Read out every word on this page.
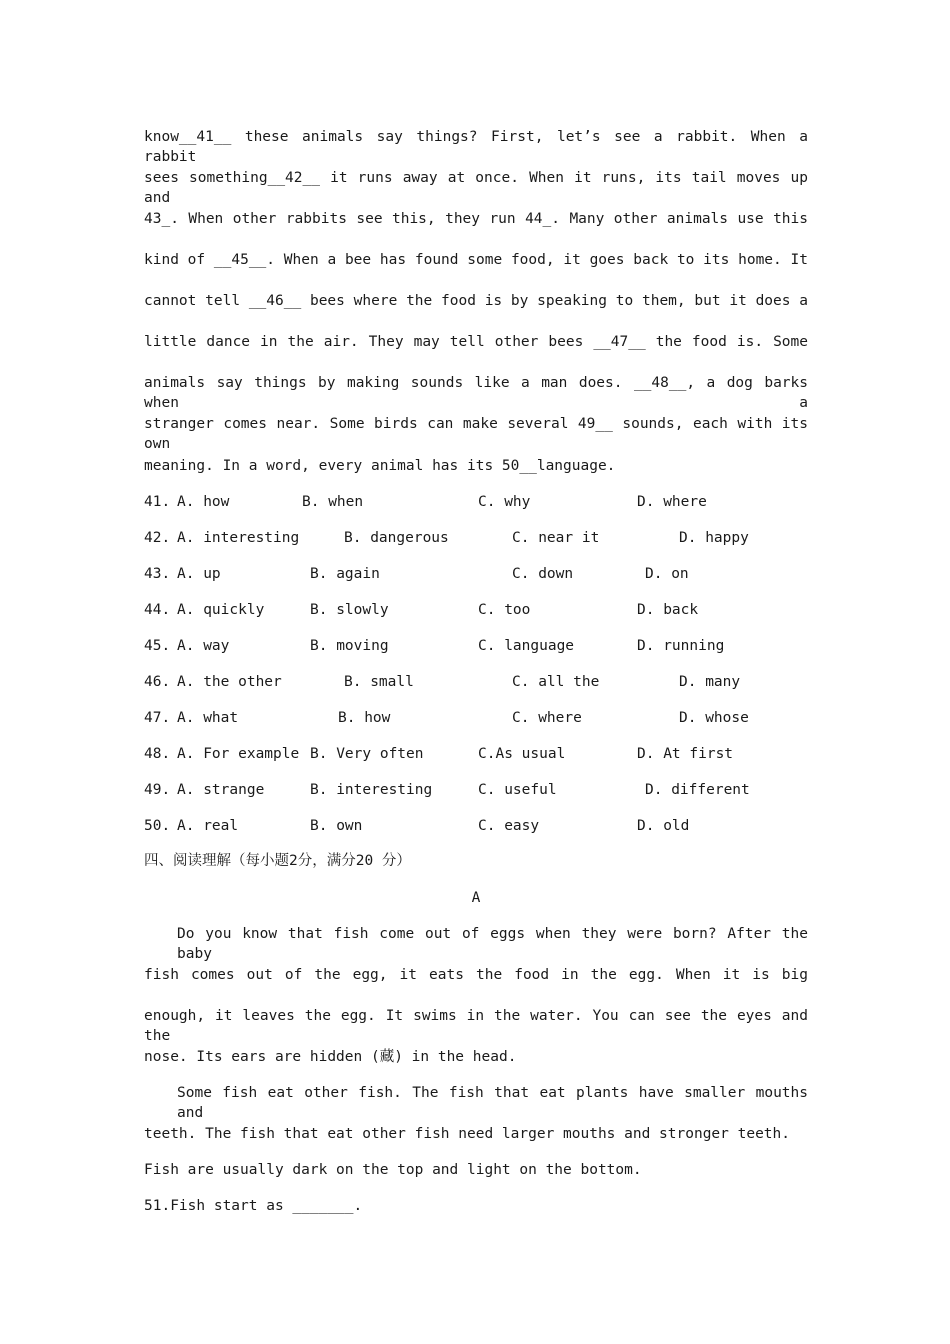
know__41__ these animals say things? First, let’s see a rabbit. When a rabbit
sees something__42__ it runs away at once. When it runs, its tail moves up and
43_. When other rabbits see this, they run 44_. Many other animals use this
kind of __45__. When a bee has found some food, it goes back to its home. It
cannot tell __46__ bees where the food is by speaking to them, but it does a
little dance in the air. They may tell other bees __47__ the food is. Some
animals say things by making sounds like a man does. __48__, a dog barks when a
stranger comes near. Some birds can make several 49__ sounds, each with its own
meaning. In a word, every animal has its 50__language.
41. A. how	B. when	C. why	D. where
42. A. interesting	B. dangerous	C. near it	D. happy
43. A. up	B. again	C. down	D. on
44. A. quickly	B. slowly	C. too	D. back
45. A. way	B. moving	C. language	D. running
46. A. the other	B. small	C. all the	D. many
47. A. what	B. how	C. where	D. whose
48. A. For example B. Very often	C.As usual	D. At first
49. A. strange	B. interesting	C. useful	D. different
50. A. real	B. own	C. easy	D. old
四、阅读理解（每小题2分，满分20 分）
A
Do you know that fish come out of eggs when they were born? After the baby
fish comes out of the egg, it eats the food in the egg. When it is big
enough, it leaves the egg. It swims in the water. You can see the eyes and the
nose. Its ears are hidden (藏) in the head.
Some fish eat other fish. The fish that eat plants have smaller mouths and
teeth. The fish that eat other fish need larger mouths and stronger teeth.
Fish are usually dark on the top and light on the bottom.
51.Fish start as _______.
